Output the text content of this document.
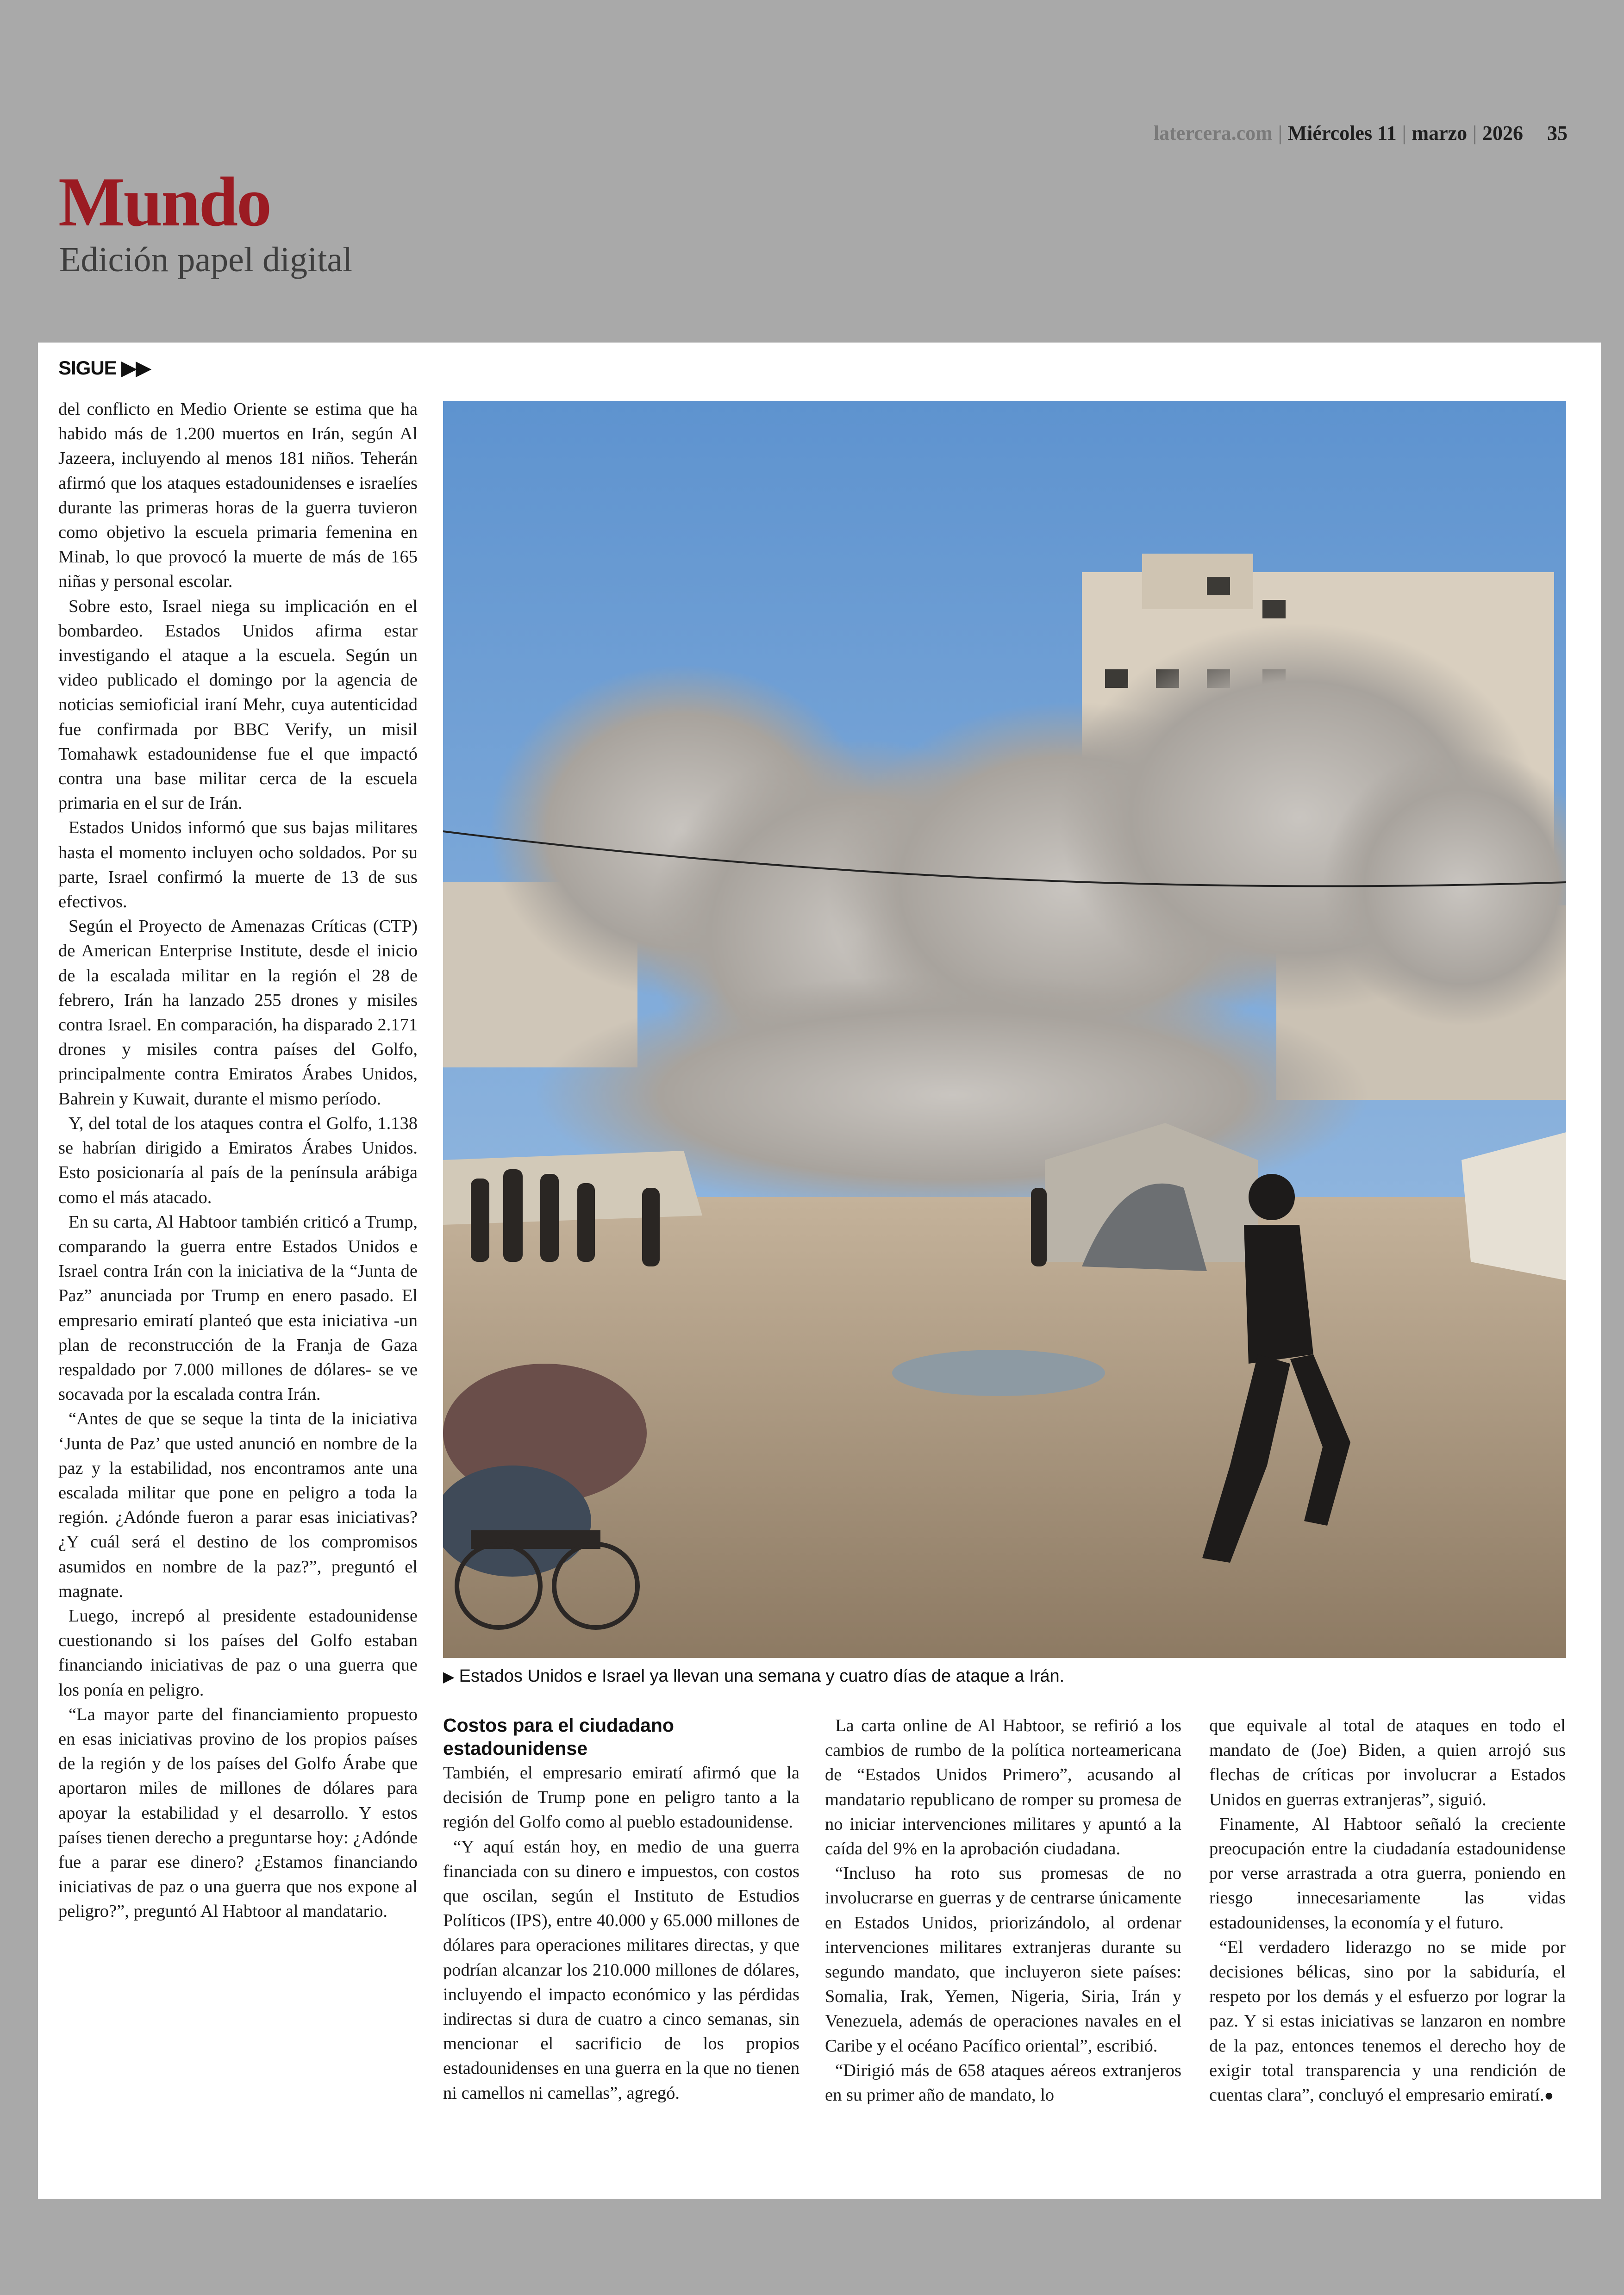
latercera.com | Miércoles 11 | marzo | 2026 35
Mundo
Edición papel digital
SIGUE ▶▶

del conflicto en Medio Oriente se estima que ha habido más de 1.200 muertos en Irán, según Al Jazeera, incluyendo al menos 181 niños. Teherán afirmó que los ataques estadounidenses e israelíes durante las primeras horas de la guerra tuvieron como objetivo la escuela primaria femenina en Minab, lo que provocó la muerte de más de 165 niñas y personal escolar.

Sobre esto, Israel niega su implicación en el bombardeo. Estados Unidos afirma estar investigando el ataque a la escuela. Según un video publicado el domingo por la agencia de noticias semioficial iraní Mehr, cuya autenticidad fue confirmada por BBC Verify, un misil Tomahawk estadounidense fue el que impactó contra una base militar cerca de la escuela primaria en el sur de Irán.

Estados Unidos informó que sus bajas militares hasta el momento incluyen ocho soldados. Por su parte, Israel confirmó la muerte de 13 de sus efectivos.

Según el Proyecto de Amenazas Críticas (CTP) de American Enterprise Institute, desde el inicio de la escalada militar en la región el 28 de febrero, Irán ha lanzado 255 drones y misiles contra Israel. En comparación, ha disparado 2.171 drones y misiles contra países del Golfo, principalmente contra Emiratos Árabes Unidos, Bahrein y Kuwait, durante el mismo período.

Y, del total de los ataques contra el Golfo, 1.138 se habrían dirigido a Emiratos Árabes Unidos. Esto posicionaría al país de la península arábiga como el más atacado.

En su carta, Al Habtoor también criticó a Trump, comparando la guerra entre Estados Unidos e Israel contra Irán con la iniciativa de la “Junta de Paz” anunciada por Trump en enero pasado. El empresario emiratí planteó que esta iniciativa -un plan de reconstrucción de la Franja de Gaza respaldado por 7.000 millones de dólares- se ve socavada por la escalada contra Irán.

“Antes de que se seque la tinta de la iniciativa ‘Junta de Paz’ que usted anunció en nombre de la paz y la estabilidad, nos encontramos ante una escalada militar que pone en peligro a toda la región. ¿Adónde fueron a parar esas iniciativas? ¿Y cuál será el destino de los compromisos asumidos en nombre de la paz?”, preguntó el magnate.

Luego, increpó al presidente estadounidense cuestionando si los países del Golfo estaban financiando iniciativas de paz o una guerra que los ponía en peligro.

“La mayor parte del financiamiento propuesto en esas iniciativas provino de los propios países de la región y de los países del Golfo Árabe que aportaron miles de millones de dólares para apoyar la estabilidad y el desarrollo. Y estos países tienen derecho a preguntarse hoy: ¿Adónde fue a parar ese dinero? ¿Estamos financiando iniciativas de paz o una guerra que nos expone al peligro?”, preguntó Al Habtoor al mandatario.

▶ Estados Unidos e Israel ya llevan una semana y cuatro días de ataque a Irán.
Costos para el ciudadano estadounidense

También, el empresario emiratí afirmó que la decisión de Trump pone en peligro tanto a la región del Golfo como al pueblo estadounidense.

“Y aquí están hoy, en medio de una guerra financiada con su dinero e impuestos, con costos que oscilan, según el Instituto de Estudios Políticos (IPS), entre 40.000 y 65.000 millones de dólares para operaciones militares directas, y que podrían alcanzar los 210.000 millones de dólares, incluyendo el impacto económico y las pérdidas indirectas si dura de cuatro a cinco semanas, sin mencionar el sacrificio de los propios estadounidenses en una guerra en la que no tienen ni camellos ni camellas”, agregó.

La carta online de Al Habtoor, se refirió a los cambios de rumbo de la política norteamericana de “Estados Unidos Primero”, acusando al mandatario republicano de romper su promesa de no iniciar intervenciones militares y apuntó a la caída del 9% en la aprobación ciudadana.

“Incluso ha roto sus promesas de no involucrarse en guerras y de centrarse únicamente en Estados Unidos, priorizándolo, al ordenar intervenciones militares extranjeras durante su segundo mandato, que incluyeron siete países: Somalia, Irak, Yemen, Nigeria, Siria, Irán y Venezuela, además de operaciones navales en el Caribe y el océano Pacífico oriental”, escribió.

“Dirigió más de 658 ataques aéreos extranjeros en su primer año de mandato, lo

que equivale al total de ataques en todo el mandato de (Joe) Biden, a quien arrojó sus flechas de críticas por involucrar a Estados Unidos en guerras extranjeras”, siguió.

Finamente, Al Habtoor señaló la creciente preocupación entre la ciudadanía estadounidense por verse arrastrada a otra guerra, poniendo en riesgo innecesariamente las vidas estadounidenses, la economía y el futuro.

“El verdadero liderazgo no se mide por decisiones bélicas, sino por la sabiduría, el respeto por los demás y el esfuerzo por lograr la paz. Y si estas iniciativas se lanzaron en nombre de la paz, entonces tenemos el derecho hoy de exigir total transparencia y una rendición de cuentas clara”, concluyó el empresario emiratí.●
